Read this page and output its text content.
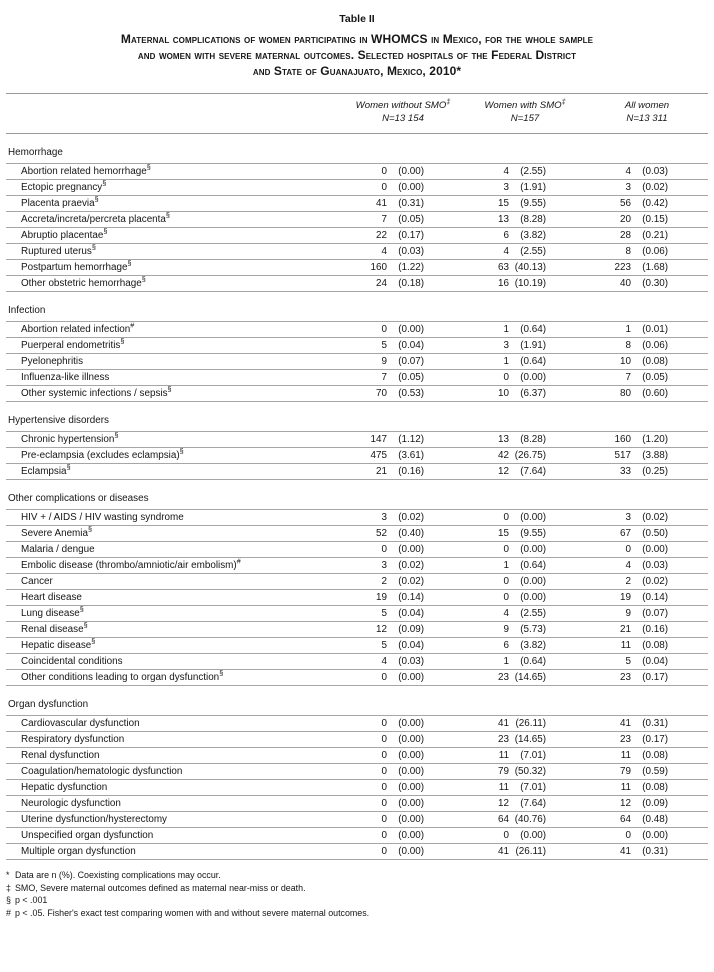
Table II
Maternal complications of women participating in WHOMCS in Mexico, for the whole sample
and women with severe maternal outcomes. Selected hospitals of the Federal District
and State of Guanajuato, Mexico, 2010*
Women without SMO‡
N=13 154
Women with SMO‡
N=157
All women
N=13 311
Hemorrhage
Abortion related hemorrhage§	0	(0.00)	4	(2.55)	4	(0.03)
Ectopic pregnancy§	0	(0.00)	3	(1.91)	3	(0.02)
Placenta praevia§	41	(0.31)	15	(9.55)	56	(0.42)
Accreta/increta/percreta placenta§	7	(0.05)	13	(8.28)	20	(0.15)
Abruptio placentae§	22	(0.17)	6	(3.82)	28	(0.21)
Ruptured uterus§	4	(0.03)	4	(2.55)	8	(0.06)
Postpartum hemorrhage§	160	(1.22)	63 (40.13)	223	(1.68)
Other obstetric hemorrhage§	24	(0.18)	16 (10.19)	40	(0.30)
Infection
Abortion related infection#	0	(0.00)	1	(0.64)	1	(0.01)
Puerperal endometritis§	5	(0.04)	3	(1.91)	8	(0.06)
Pyelonephritis	9	(0.07)	1	(0.64)	10	(0.08)
Influenza-like illness	7	(0.05)	0	(0.00)	7	(0.05)
Other systemic infections / sepsis§	70	(0.53)	10	(6.37)	80	(0.60)
Hypertensive disorders
Chronic hypertension§	147	(1.12)	13	(8.28)	160	(1.20)
Pre-eclampsia (excludes eclampsia)§	475	(3.61)	42 (26.75)	517	(3.88)
Eclampsia§	21	(0.16)	12	(7.64)	33	(0.25)
Other complications or diseases
HIV + / AIDS / HIV wasting syndrome	3	(0.02)	0	(0.00)	3	(0.02)
Severe Anemia§	52	(0.40)	15	(9.55)	67	(0.50)
Malaria / dengue	0	(0.00)	0	(0.00)	0	(0.00)
Embolic disease (thrombo/amniotic/air embolism)#	3	(0.02)	1	(0.64)	4	(0.03)
Cancer	2	(0.02)	0	(0.00)	2	(0.02)
Heart disease	19	(0.14)	0	(0.00)	19	(0.14)
Lung disease§	5	(0.04)	4	(2.55)	9	(0.07)
Renal disease§	12	(0.09)	9	(5.73)	21	(0.16)
Hepatic disease§	5	(0.04)	6	(3.82)	11	(0.08)
Coincidental conditions	4	(0.03)	1	(0.64)	5	(0.04)
Other conditions leading to organ dysfunction§	0	(0.00)	23 (14.65)	23	(0.17)
Organ dysfunction
Cardiovascular dysfunction	0	(0.00)	41 (26.11)	41	(0.31)
Respiratory dysfunction	0	(0.00)	23 (14.65)	23	(0.17)
Renal dysfunction	0	(0.00)	11	(7.01)	11	(0.08)
Coagulation/hematologic dysfunction	0	(0.00)	79 (50.32)	79	(0.59)
Hepatic dysfunction	0	(0.00)	11	(7.01)	11	(0.08)
Neurologic dysfunction	0	(0.00)	12	(7.64)	12	(0.09)
Uterine dysfunction/hysterectomy	0	(0.00)	64 (40.76)	64	(0.48)
Unspecified organ dysfunction	0	(0.00)	0	(0.00)	0	(0.00)
Multiple organ dysfunction	0	(0.00)	41 (26.11)	41	(0.31)
* Data are n (%). Coexisting complications may occur.
‡ SMO, Severe maternal outcomes defined as maternal near-miss or death.
§ p < .001
# p < .05. Fisher's exact test comparing women with and without severe maternal outcomes.
